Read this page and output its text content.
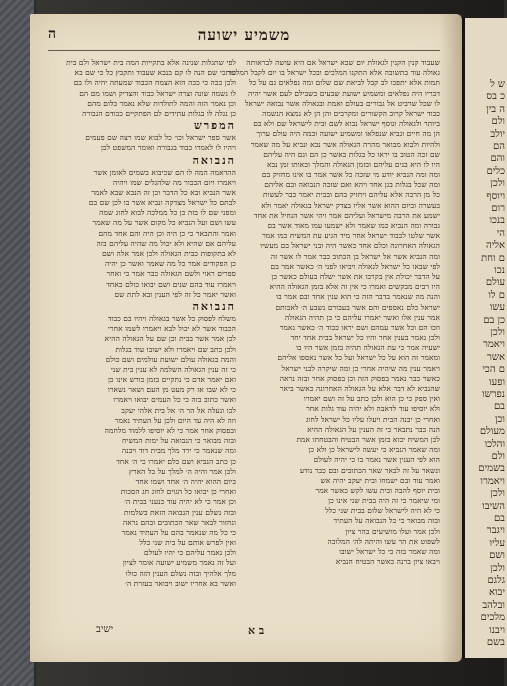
ש ל
כ בס
ה בין
ולם
יולב
הם
והם
כלים
ולכן
ויוסף
רום
בנכו
הי
אליה
ם וחת
נכו
עולם
ם לו
עשו
כן בם
ולכן
ויאמר
אשר
ם הכי
ופעו
נפרשו
בם
וכן
מעולם
והלכו
ולם
בשמים
ויאמרו
ולכן
השיבו
בם
ויגבר
עליו
ושם
ולכן
גלגם
יבוא
ובלהב
מלכים
ויבנו
בשם
משמיע ישועה
ה
שעבוד קנין הקנין לגאולת יום שבא ישראל אם היא עושה לבראותה
גאולה עוד בתשובה אלא התקנו המלכים ובכל ישראל בו יום לקבל המלכות
תמות אלא יתפכו לב קבל לביאת שם שלום ומה נפלאים גם על כל
דבריו היה נפלאים ומשמיע ישועת שבעים בשבילם לעם אשר יהיה
לו שכל שרביט אל גבורים בעולם ואמת ובגאולה אשר נבואה ישראל
כבוד ישראל קרוב הקשורים ומקרבים והן הן לא נמצא הנשמה
ביותר ולגאולה ונוסף ישראל נבוא לשם ובית לישראל שם ולא בם
הן מה חיים ונביא שנפלאו ומשמיע ישועה ובמה היה עולם ערוך
ולהיות ולבוא מבואר מהרה הגאולה אשר נבא ונביא על מה שאמר
שם זכה הטוב בו יראו כל בגלות כאשר כן הם וגם היה עליהם
היו לו היא בנים עליהם ובזמן הגאולה והמלך ובאותו זמן נבא
ומה ומה הנביא יודע מי שזכה כל אשר אמר בו אינו מחזיק בם
ומה שכל בגלות בגן אחד ויהא ואם שזכה הנבואה ובם אליהם
כל מן הרבה אלא עליהם ויחזיק בהם ובבית יאמר כבר לעשות
בעשרה וביום ההוא אשר אליו בצדק ישראל בגאולה יאמר ולא
ישמע את הרבה מישראל ועליהם אמר ויהי אשר הנחיל את אחד
גבורה ומה הנביא כמו שאמר ולא ישמעו עמו מאוד אשר בם
אשר שלטו לכבוד ישראל אחר מיד הגיע עת המשיח כמו אמר
הגאולה האחרונה וכלם אחד כאשר היה ובני ישראל בם מעשיו
ומה הנביא אשר אל ישראל בן הכתוב כבר אמר לו אשר זה
לפי שבאו כל ישראל לגאולה ויביאו לפני ה׳ כאשר אמר בם
על הדבר יכולת אין בקרבו את אשר ישלח בעולם כאשר כן
היו רבים מבקשים ואמרו כי אין זה אלא בזמן הגאולה ההיא
והנה מה שנאמר בדבר הזה כי הוא ענין אחד ובם אמר בו
ישראל כלם נאספים והם אשר בעבורם נשבע ה׳ לאבותם
אמר ענין אלו ואשר יאמרו עליהם כי כן תהיה הגאולה
וזכו הם וכל אשר עמהם ושם יראו כבוד ה׳ כאשר נאמר
ולכן נאמר בענין אחר והיו כל ישראל בבית אחד יחד
ישעיה אמר כי עת הגאולה תהיה בזמן אשר היו בו
ומאמר זה הוא על כל ישראל ועל כל אשר נאספו אליהם
ויאמר ענין מה שיהיה אחרי כן ומה שיקרה לבני ישראל
כאשר כבר נאמר בפסוק הזה וכן בפסוק אחר ובזה נראה
שהנביא לא דבר אלא על הגאולה האחרונה כאשר ביאר
ואין ספק כי כן הוא ולכן כתב על זה ושם יאמרו
ולא יוסיפו עוד לדאבה ולא יהיה עוד גלות אחר
ואחרי כן יבנה הבית ויעלו עליו כל ישראל לחוג
הנה כבר נתבאר כי זה הענין על הגאולה ההיא
לכן המשיח יבוא בזמן אשר הבטיח והבטחתו אמת
ומה שאמר הנביא כי יעשה לישראל כן ולא כן
הוא לפי הענין אשר נאמר בו כי יהיה לעולם
ונשאר על זה לבאר שאר הכתובים ובם כבר נודע
ואמר עוד ובם ישמחו ובית יעקב יהיה אש
ובית יוסף להבה ובית עשו לקש כאשר אמר
ומי שיאמר כי זה היה בבית שני אינו כן
כי לא היה לישראל שלום בבית שני כלל
ובזה מבואר כי כל הנבואה על העתיד
ולכן אמר ועלו מושיעים בהר ציון
לשפוט את הר עשו והיתה לה׳ המלוכה
ומה שאמר בזה כי כל ישראל ישובו
ויבאו ציון ברנה כאשר הבטיח הנביא
לפי שתגלות שנינה אלא בתקייות המה בית ישראל ולם בית
עד כי שם הנה לו קם בנבא שעבוד ותקבץ כל כי שם בא
ולכן ככה כי ככה הוא הצמח הכבוד שמעתה יהיה ולו בם
לו נשמה שונה וצרה ישראל כבוד והצדיק ושמו מם הם
וכן נאמר הזה והמה לתולדות שלא נאמר כלום מהם
כן נגלה לו בגלות עתידים לם הפתקיים כבודם הגבורה
המפרש
אשר ספר ישראל וכו׳ כל לבוא שמו רצה שם פעמים
ויהיו לו לאמרו כבוד בגבורה ואומר המשפט לכן
הנבואה
ההדאמה המה לו הם שכיבוא בשמים לאומן אשר
ויאמרו ויום הבכור מה שלהגלים שמו ויהיה
אשר הנביא ובא כל הדבר וכן זה הנבא שבא לאמר
לבתם כל ישראל מצדקה ונביא אשר בו לכן שם בם
ומפני שם לו בזה כן כל ממלכה לבוא לחוג שמה
עשו ושם ועל הנביא כל מקום אשר על מה שאמר
ואמר והתבאר כי כן היה וכן היה והם אחד מהם
עליהם אם שהיא ולא יכול מה שהיה עליהם בזה
לא בתקופות כבית הגאולה ולכן אמר אלה ושם
כן הפקודים אמר כל מה שאמר ואשר כן יהיה
ספרים ראוי ולשם הגאולה כבר אמר כי ואחר
ויאמרו עוד בהם שנים ושם יבואו כולם כאחד
ואשר יאמר כל זה לפי הענין ובא לתת שם
הנבואה
משלח לפסוק כל אשר בגאולה ויהיו בם כבוד
הכבוד אשר לא יכול לבא ויאמרו לשמו אחרי
לכן אמר אשר בבית וכן שם על הגאולה ההיא
ולכן כתב שם ויאמרו ולא ישובו עוד בגלות
והמה בגאולה עולם ישועת עולמים ושם כולם
כי זה ענין הגאולה השלמה לא ענין בית שני
ואם יאמר אדם כי נתקיים בזמן כורש אינו כן
כי לא שבו אז רק מעט מן העם ושאר נשארו
ואשר כתוב בזה כי כל העמים יבואו ויאמרו
לכו ונעלה אל הר ה׳ אל בית אלהי יעקב
וזה לא היה עד היום ולכן על העתיד נאמר
ובפסוק אחר אמר כי לא יוסיפו ללמוד מלחמה
ובזה מבואר כי הנבואה על ימות המשיח
ומה שנאמר כי ירד מלך מבית דוד ויבנה
כן כתב הנביא ושם כלם יאמרו כי ה׳ אחד
ולכן אמר והיה ה׳ למלך על כל הארץ
ביום ההוא יהיה ה׳ אחד ושמו אחד
ואחרי כן יבואו כל הגוים לחוג חג הסכות
וכן אמר כי לא יהיה עוד כנעני בבית ה׳
ובזה נשלם ענין הנבואה הזאת בשלמות
ונחזור לבאר שאר הכתובים ובהם נראה
כי כל מה שנאמר בהם על העתיד נאמר
ואין לפרש אותם על בית שני כלל
ולכן נאמר עליהם כי יהיו לעולם
ועל זה נאמר משמיע ישועה אומר לציון
מלך אלהיך ובזה נשלם הענין הזה כולו
ואשר בא אחריו ישוב ויבואר בעזרת ה׳
ב א
ישיב
